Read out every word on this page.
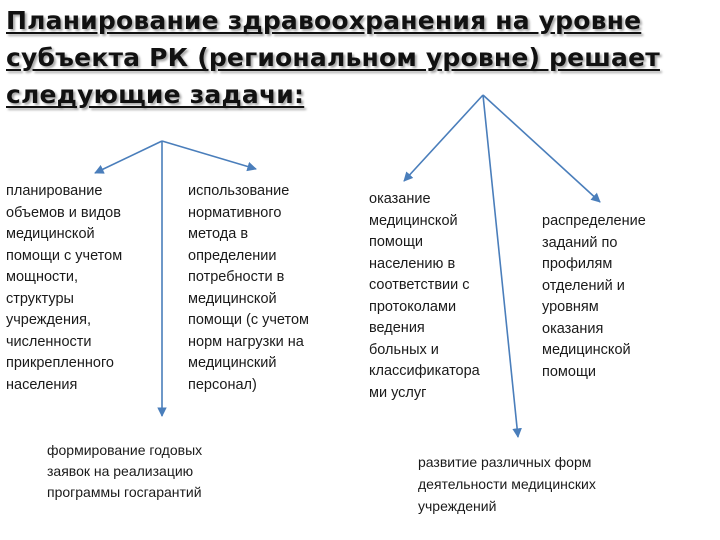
Планирование здравоохранения на уровне субъекта РК (региональном уровне) решает следующие задачи:
планирование
объемов и видов
медицинской
помощи с учетом
мощности,
структуры
учреждения,
численности
прикрепленного
населения
использование
нормативного
метода в
определении
потребности в
медицинской
помощи (с учетом
норм нагрузки на
медицинский
персонал)
оказание
медицинской
помощи
населению в
соответствии с
протоколами
ведения
больных и
классификатора
ми услуг
распределение
заданий по
профилям
отделений и
уровням
оказания
медицинской
помощи
формирование годовых
заявок на реализацию
программы госгарантий
развитие различных форм
деятельности медицинских
учреждений
